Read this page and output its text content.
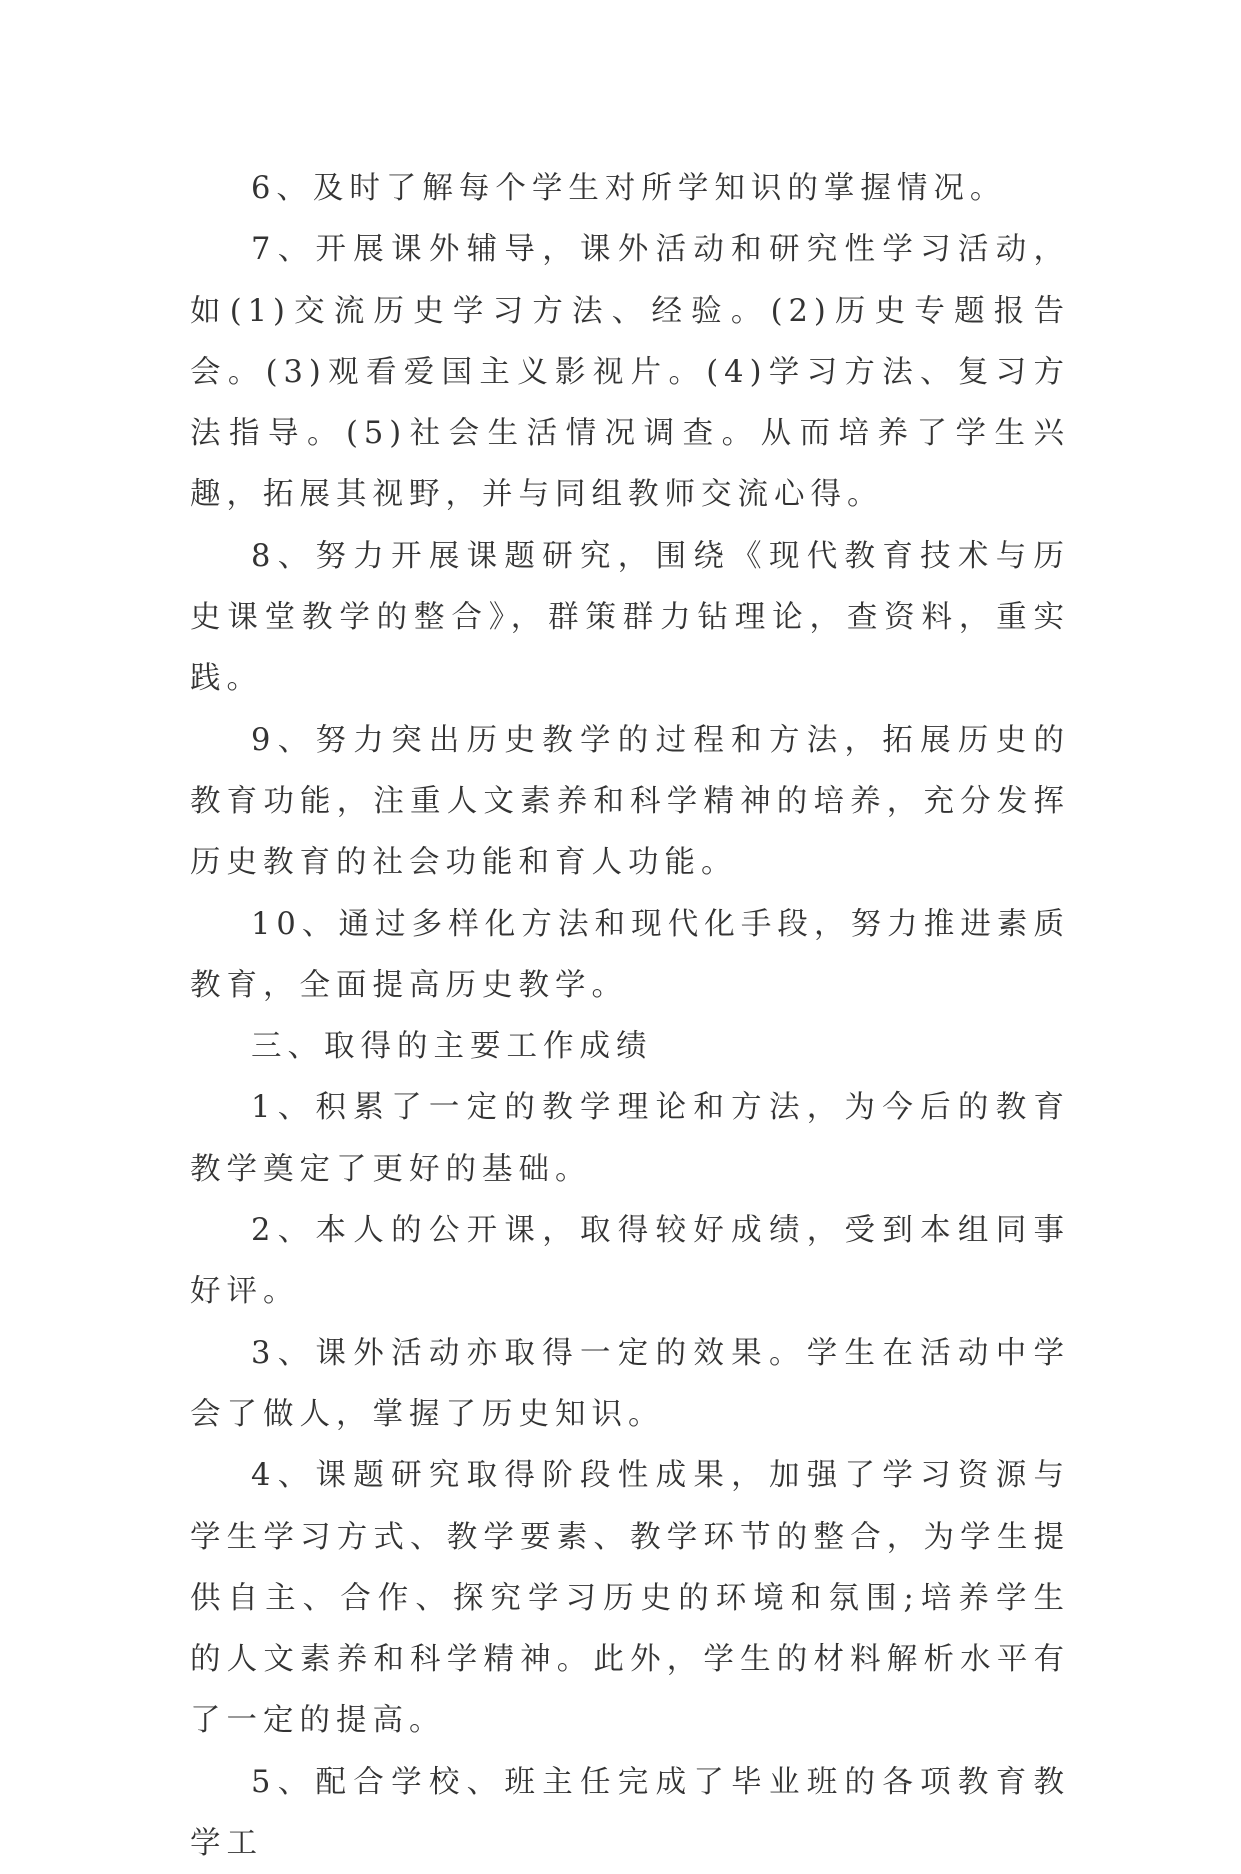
6、及时了解每个学生对所学知识的掌握情况。

7、开展课外辅导，课外活动和研究性学习活动，如(1)交流历史学习方法、经验。(2)历史专题报告会。(3)观看爱国主义影视片。(4)学习方法、复习方法指导。(5)社会生活情况调查。从而培养了学生兴趣，拓展其视野，并与同组教师交流心得。

8、努力开展课题研究，围绕《现代教育技术与历史课堂教学的整合》，群策群力钻理论，查资料，重实践。

9、努力突出历史教学的过程和方法，拓展历史的教育功能，注重人文素养和科学精神的培养，充分发挥历史教育的社会功能和育人功能。

10、通过多样化方法和现代化手段，努力推进素质教育，全面提高历史教学。

三、取得的主要工作成绩

1、积累了一定的教学理论和方法，为今后的教育教学奠定了更好的基础。

2、本人的公开课，取得较好成绩，受到本组同事好评。

3、课外活动亦取得一定的效果。学生在活动中学会了做人，掌握了历史知识。

4、课题研究取得阶段性成果，加强了学习资源与学生学习方式、教学要素、教学环节的整合，为学生提供自主、合作、探究学习历史的环境和氛围;培养学生的人文素养和科学精神。此外，学生的材料解析水平有了一定的提高。

5、配合学校、班主任完成了毕业班的各项教育教学工
